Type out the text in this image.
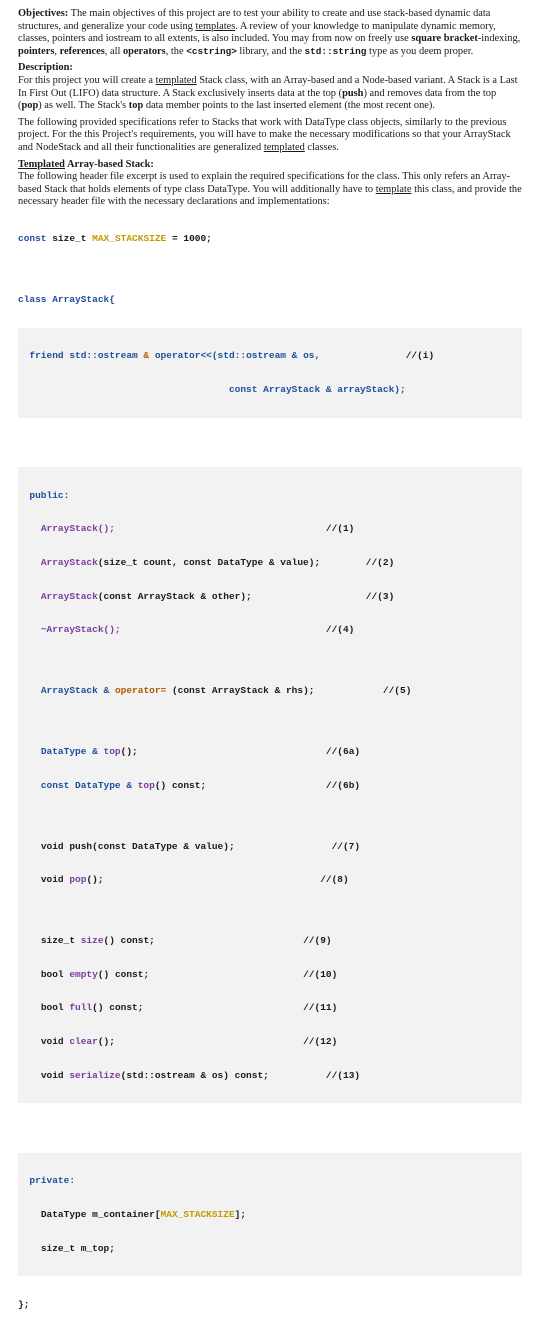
Objectives: The main objectives of this project are to test your ability to create and use stack-based dynamic data structures, and generalize your code using templates. A review of your knowledge to manipulate dynamic memory, classes, pointers and iostream to all extents, is also included. You may from now on freely use square bracket-indexing, pointers, references, all operators, the <cstring> library, and the std::string type as you deem proper.

Description:

For this project you will create a templated Stack class, with an Array-based and a Node-based variant. A Stack is a Last In First Out (LIFO) data structure. A Stack exclusively inserts data at the top (push) and removes data from the top (pop) as well. The Stack's top data member points to the last inserted element (the most recent one).

The following provided specifications refer to Stacks that work with DataType class objects, similarly to the previous project. For the this Project's requirements, you will have to make the necessary modifications so that your ArrayStack and NodeStack and all their functionalities are generalized templated classes.

Templated Array-based Stack:

The following header file excerpt is used to explain the required specifications for the class. This only refers an Array-based Stack that holds elements of type class DataType. You will additionally have to template this class, and provide the necessary header file with the necessary declarations and implementations:

const size_t MAX_STACKSIZE = 1000;

class ArrayStack{

friend std::ostream & operator<<(std::ostream & os,	//(i)

const ArrayStack & arrayStack);

public:

ArrayStack();	//(1)

ArrayStack(size_t count, const DataType & value);	//(2)

ArrayStack(const ArrayStack & other);	//(3)

~ArrayStack();	//(4)

ArrayStack & operator= (const ArrayStack & rhs);	//(5)

DataType & top();	//(6a)

const DataType & top() const;	//(6b)

void push(const DataType & value);	//(7)

void pop();	//(8)

size_t size() const;	//(9)

bool empty() const;	//(10)

bool full() const;	//(11)

void clear();	//(12)

void serialize(std::ostream & os) const;	//(13)

private:

DataType m_container[MAX_STACKSIZE];

size_t m_top;

};
